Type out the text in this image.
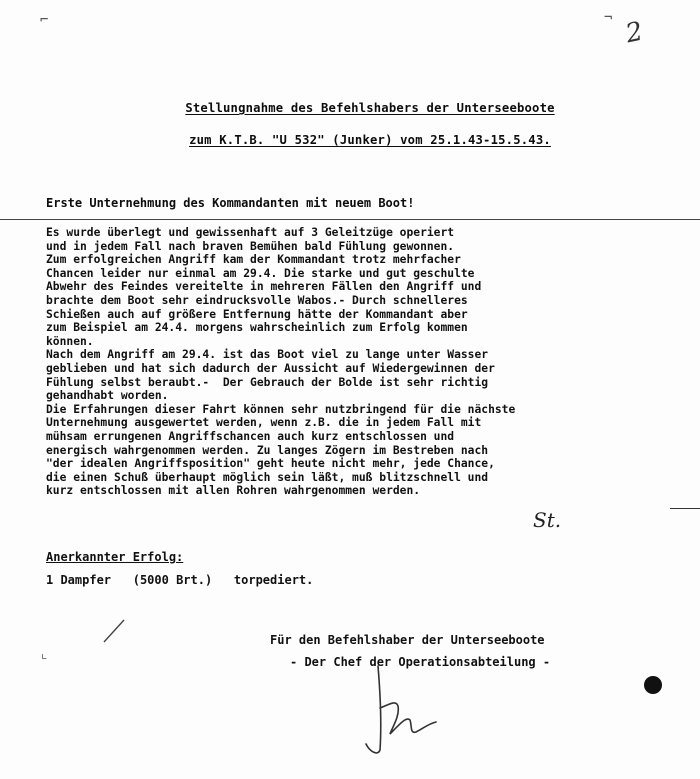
⌐
⌞
¬ 2
Stellungnahme des Befehlshabers der Unterseeboote
zum K.T.B. "U 532" (Junker) vom 25.1.43-15.5.43.
Erste Unternehmung des Kommandanten mit neuem Boot!
Es wurde überlegt und gewissenhaft auf 3 Geleitzüge operiert
und in jedem Fall nach braven Bemühen bald Fühlung gewonnen.
Zum erfolgreichen Angriff kam der Kommandant trotz mehrfacher
Chancen leider nur einmal am 29.4. Die starke und gut geschulte
Abwehr des Feindes vereitelte in mehreren Fällen den Angriff und
brachte dem Boot sehr eindrucksvolle Wabos.- Durch schnelleres
Schießen auch auf größere Entfernung hätte der Kommandant aber
zum Beispiel am 24.4. morgens wahrscheinlich zum Erfolg kommen
können.
Nach dem Angriff am 29.4. ist das Boot viel zu lange unter Wasser
geblieben und hat sich dadurch der Aussicht auf Wiedergewinnen der
Fühlung selbst beraubt.-  Der Gebrauch der Bolde ist sehr richtig
gehandhabt worden.
Die Erfahrungen dieser Fahrt können sehr nutzbringend für die nächste
Unternehmung ausgewertet werden, wenn z.B. die in jedem Fall mit
mühsam errungenen Angriffschancen auch kurz entschlossen und
energisch wahrgenommen werden. Zu langes Zögern im Bestreben nach
"der idealen Angriffsposition" geht heute nicht mehr, jede Chance,
die einen Schuß überhaupt möglich sein läßt, muß blitzschnell und
kurz entschlossen mit allen Rohren wahrgenommen werden.
St.
Anerkannter Erfolg:
1 Dampfer (5000 Brt.) torpediert.
Für den Befehlshaber der Unterseeboote
- Der Chef der Operationsabteilung -
